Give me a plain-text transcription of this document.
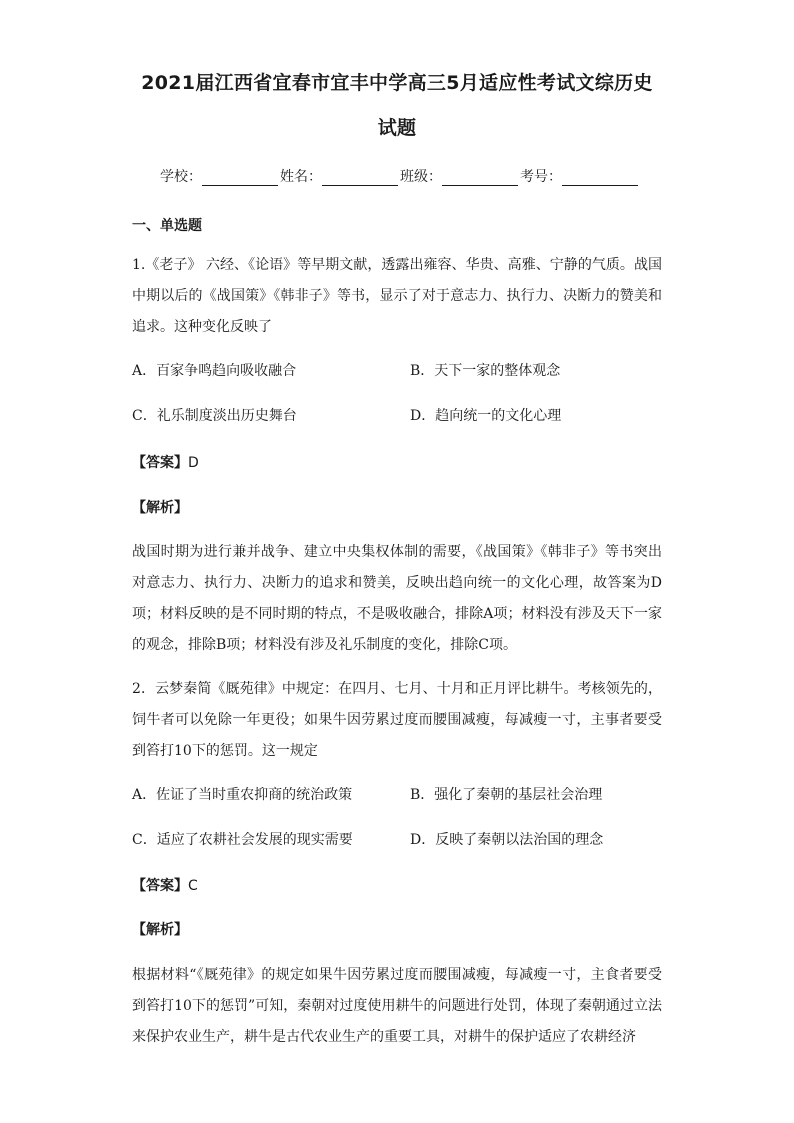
2021届江西省宜春市宜丰中学高三5月适应性考试文综历史
试题
学校：	姓名：	班级：	考号：
一、单选题
1.《老子》 六经、《论语》等早期文献，透露出雍容、华贵、高雅、宁静的气质。战国中期以后的《战国策》《韩非子》等书，显示了对于意志力、执行力、决断力的赞美和追求。这种变化反映了
A．百家争鸣趋向吸收融合	B．天下一家的整体观念
C．礼乐制度淡出历史舞台	D．趋向统一的文化心理
【答案】D
【解析】
战国时期为进行兼并战争、建立中央集权体制的需要，《战国策》《韩非子》等书突出对意志力、执行力、决断力的追求和赞美，反映出趋向统一的文化心理，故答案为D项；材料反映的是不同时期的特点，不是吸收融合，排除A项；材料没有涉及天下一家的观念，排除B项；材料没有涉及礼乐制度的变化，排除C项。
2．云梦秦简《厩苑律》中规定：在四月、七月、十月和正月评比耕牛。考核领先的，饲牛者可以免除一年更役；如果牛因劳累过度而腰围减瘦，每减瘦一寸，主事者要受到笞打10下的惩罚。这一规定
A．佐证了当时重农抑商的统治政策	B．强化了秦朝的基层社会治理
C．适应了农耕社会发展的现实需要	D．反映了秦朝以法治国的理念
【答案】C
【解析】
根据材料“《厩苑律》的规定如果牛因劳累过度而腰围减瘦，每减瘦一寸，主食者要受到笞打10下的惩罚”可知，秦朝对过度使用耕牛的问题进行处罚，体现了秦朝通过立法来保护农业生产，耕牛是古代农业生产的重要工具，对耕牛的保护适应了农耕经济
